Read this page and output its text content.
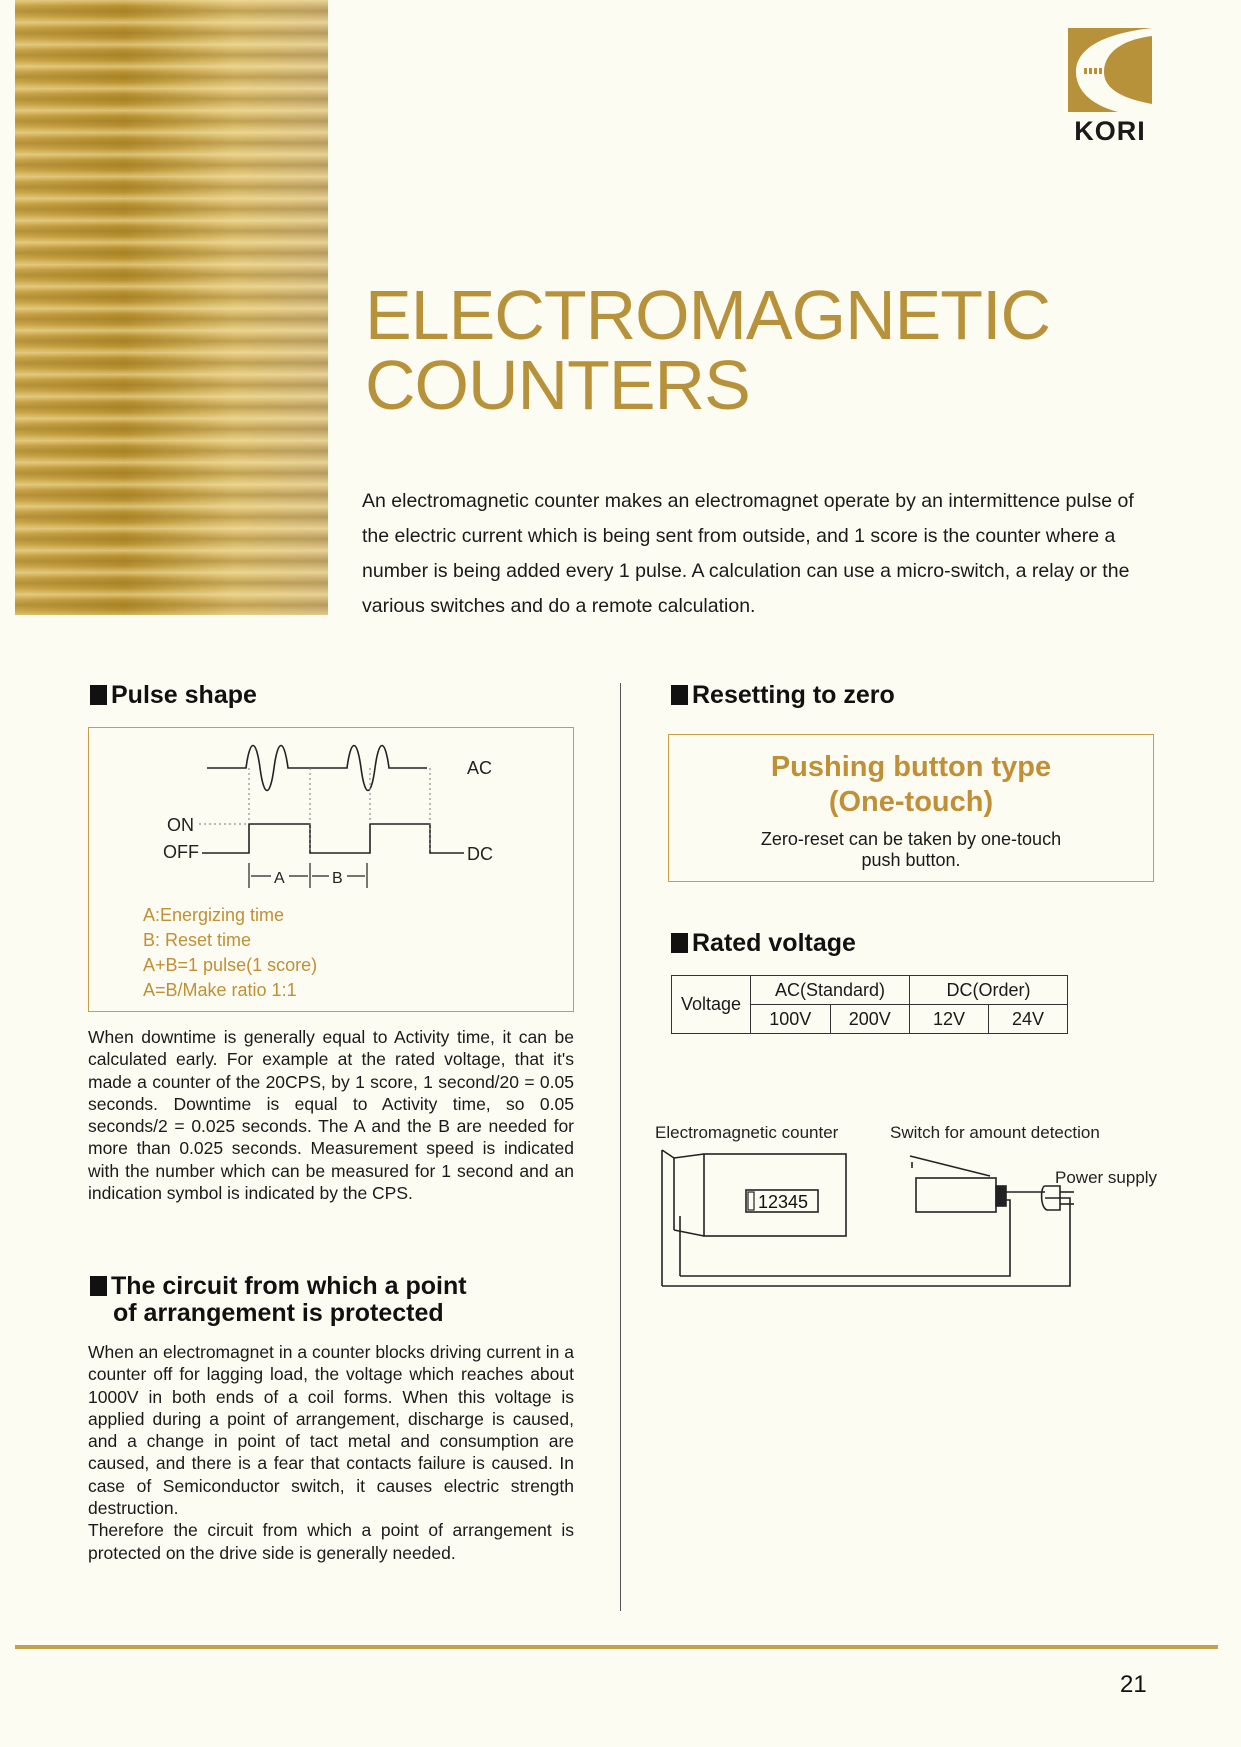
KORI
ELECTROMAGNETIC
COUNTERS
An electromagnetic counter makes an electromagnet operate by an intermittence pulse of the electric current which is being sent from outside, and 1 score is the counter where a number is being added every 1 pulse. A calculation can use a micro-switch, a relay or the various switches and do a remote calculation.
Pulse shape
AC
DC
ON
OFF
A	B
A:Energizing time
B: Reset time
A+B=1 pulse(1 score)
A=B/Make ratio 1:1
When downtime is generally equal to Activity time, it can be calculated early. For example at the rated voltage, that it's made a counter of the 20CPS, by 1 score, 1 second/20 = 0.05 seconds. Downtime is equal to Activity time, so 0.05 seconds/2 = 0.025 seconds. The A and the B are needed for more than 0.025 seconds. Measurement speed is indicated with the number which can be measured for 1 second and an indication symbol is indicated by the CPS.
The circuit from which a point
of arrangement is protected
When an electromagnet in a counter blocks driving current in a counter off for lagging load, the voltage which reaches about 1000V in both ends of a coil forms. When this voltage is applied during a point of arrangement, discharge is caused, and a change in point of tact metal and consumption are caused, and there is a fear that contacts failure is caused. In case of Semiconductor switch, it causes electric strength destruction.
Therefore the circuit from which a point of arrangement is protected on the drive side is generally needed.
Resetting to zero
Pushing button type
(One-touch)
Zero-reset can be taken by one-touch
push button.
Rated voltage
Voltage	AC(Standard)		DC(Order)	
	100V	200V	12V	24V
Electromagnetic counter	Switch for amount detection
Power supply
12345
21
